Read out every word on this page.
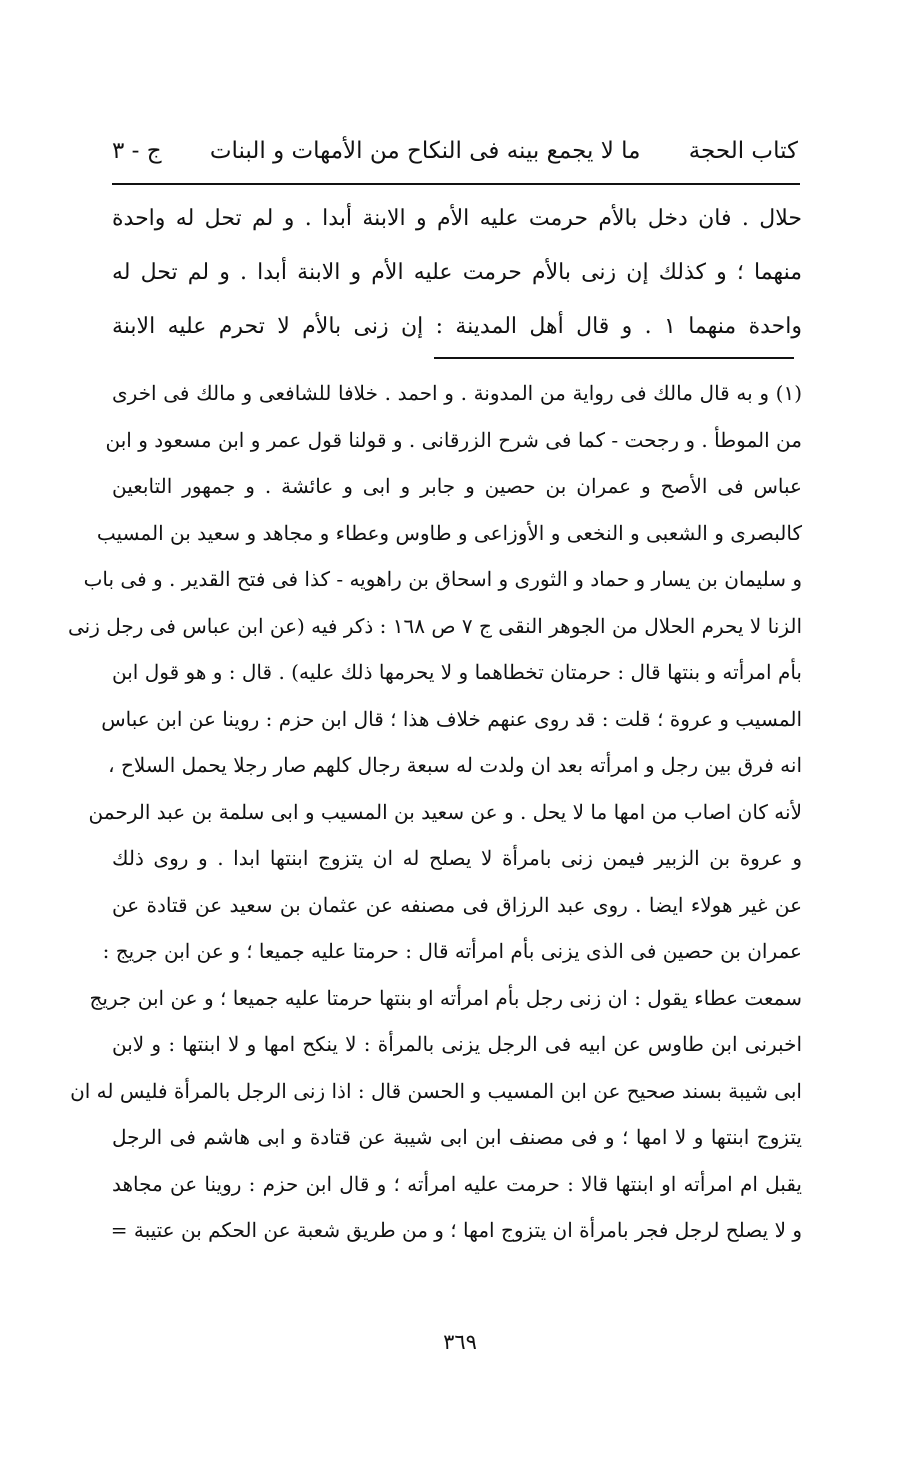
كتاب الحجة
ما لا يجمع بينه فى النكاح من الأمهات و البنات
ج - ٣
حلال . فان دخل بالأم حرمت عليه الأم و الابنة أبدا . و لم تحل له واحدة
منهما ؛ و كذلك إن زنى بالأم حرمت عليه الأم و الابنة أبدا . و لم تحل له
واحدة منهما ١ . و قال أهل المدينة : إن زنى بالأم لا تحرم عليه الابنة
(١) و به قال مالك فى رواية من المدونة . و احمد . خلافا للشافعى و مالك فى اخرى
من الموطأ . و رجحت - كما فى شرح الزرقانى . و قولنا قول عمر و ابن مسعود و ابن
عباس فى الأصح و عمران بن حصين و جابر و ابى و عائشة . و جمهور التابعين
كالبصرى و الشعبى و النخعى و الأوزاعى و طاوس وعطاء و مجاهد و سعيد بن المسيب
و سليمان بن يسار و حماد و الثورى و اسحاق بن راهويه - كذا فى فتح القدير . و فى باب
الزنا لا يحرم الحلال من الجوهر النقى ج ٧ ص ١٦٨ : ذكر فيه (عن ابن عباس فى رجل زنى
بأم امرأته و بنتها قال : حرمتان تخطاهما و لا يحرمها ذلك عليه) . قال : و هو قول ابن
المسيب و عروة ؛ قلت : قد روى عنهم خلاف هذا ؛ قال ابن حزم : روينا عن ابن عباس
انه فرق بين رجل و امرأته بعد ان ولدت له سبعة رجال كلهم صار رجلا يحمل السلاح ،
لأنه كان اصاب من امها ما لا يحل . و عن سعيد بن المسيب و ابى سلمة بن عبد الرحمن
و عروة بن الزبير فيمن زنى بامرأة لا يصلح له ان يتزوج ابنتها ابدا . و روى ذلك
عن غير هولاء ايضا . روى عبد الرزاق فى مصنفه عن عثمان بن سعيد عن قتادة عن
عمران بن حصين فى الذى يزنى بأم امرأته قال : حرمتا عليه جميعا ؛ و عن ابن جريج :
سمعت عطاء يقول : ان زنى رجل بأم امرأته او بنتها حرمتا عليه جميعا ؛ و عن ابن جريج
اخبرنى ابن طاوس عن ابيه فى الرجل يزنى بالمرأة : لا ينكح امها و لا ابنتها : و لابن
ابى شيبة بسند صحيح عن ابن المسيب و الحسن قال : اذا زنى الرجل بالمرأة فليس له ان
يتزوج ابنتها و لا امها ؛ و فى مصنف ابن ابى شيبة عن قتادة و ابى هاشم فى الرجل
يقبل ام امرأته او ابنتها قالا : حرمت عليه امرأته ؛ و قال ابن حزم : روينا عن مجاهد
و لا يصلح لرجل فجر بامرأة ان يتزوج امها ؛ و من طريق شعبة عن الحكم بن عتيبة =
٣٦٩
